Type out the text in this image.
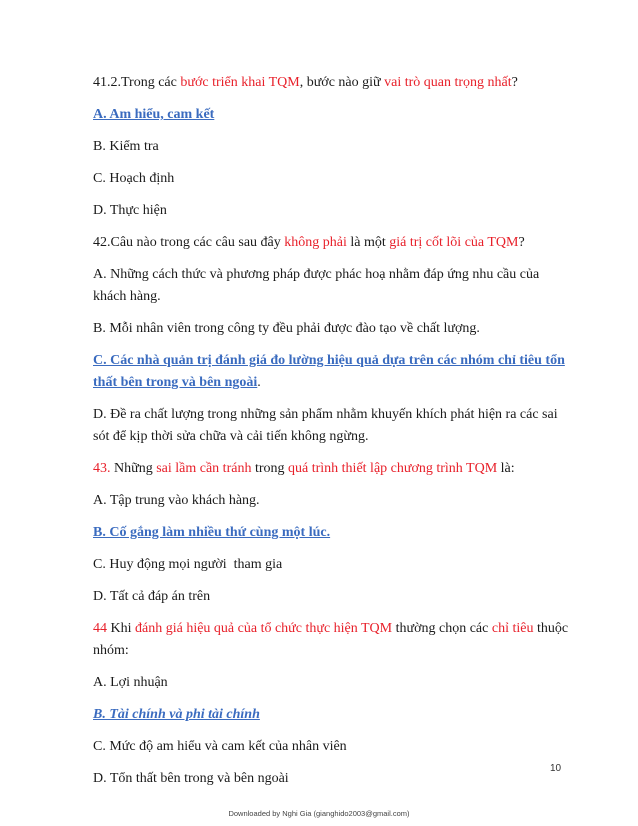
41.2.Trong các bước triển khai TQM, bước nào giữ vai trò quan trọng nhất?

A. Am hiểu, cam kết

B. Kiểm tra

C. Hoạch định

D. Thực hiện

42.Câu nào trong các câu sau đây không phải là một giá trị cốt lõi của TQM?

A. Những cách thức và phương pháp được phác hoạ nhằm đáp ứng nhu cầu của khách hàng.

B. Mỗi nhân viên trong công ty đều phải được đào tạo về chất lượng.

C. Các nhà quản trị đánh giá đo lường hiệu quả dựa trên các nhóm chỉ tiêu tổn thất bên trong và bên ngoài.

D. Đề ra chất lượng trong những sản phẩm nhằm khuyến khích phát hiện ra các sai sót để kịp thời sửa chữa và cải tiến không ngừng.

43. Những sai lầm cần tránh trong quá trình thiết lập chương trình TQM là:

A. Tập trung vào khách hàng.

B. Cố gắng làm nhiều thứ cùng một lúc.

C. Huy động mọi người  tham gia

D. Tất cả đáp án trên

44 Khi đánh giá hiệu quả của tổ chức thực hiện TQM thường chọn các chỉ tiêu thuộc nhóm:

A. Lợi nhuận

B. Tài chính và phi tài chính

C. Mức độ am hiểu và cam kết của nhân viên

D. Tổn thất bên trong và bên ngoài

10
Downloaded by Nghi Gia (gianghido2003@gmail.com)
